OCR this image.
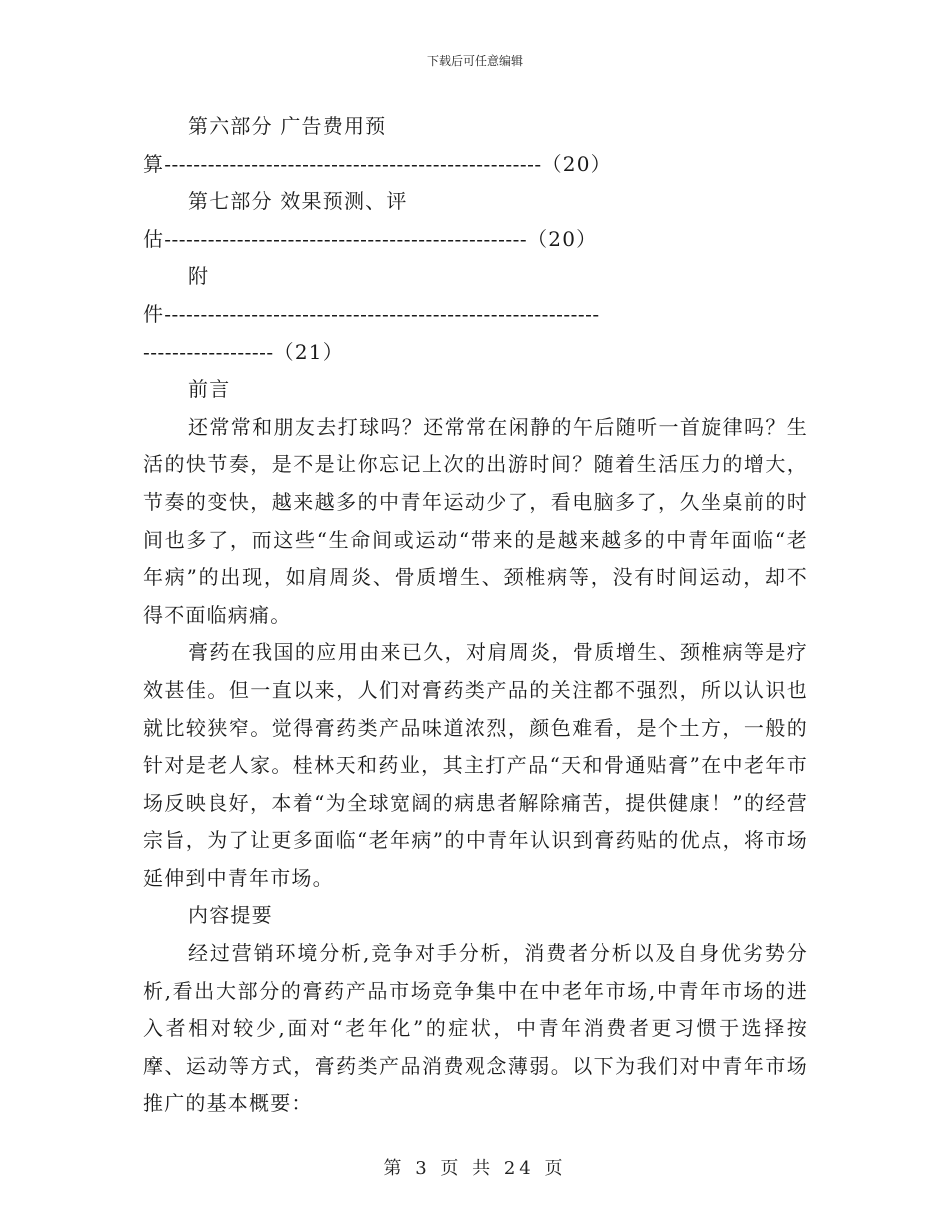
下载后可任意编辑

第六部分 广告费用预

算----------------------------------------------------（20）

第七部分 效果预测、评

估--------------------------------------------------（20）

附

件------------------------------------------------------------

------------------（21）

前言

还常常和朋友去打球吗？还常常在闲静的午后随听一首旋律吗？生活的快节奏，是不是让你忘记上次的出游时间？随着生活压力的增大，节奏的变快，越来越多的中青年运动少了，看电脑多了，久坐桌前的时间也多了，而这些“生命间或运动“带来的是越来越多的中青年面临“老年病”的出现，如肩周炎、骨质增生、颈椎病等，没有时间运动，却不得不面临病痛。

膏药在我国的应用由来已久，对肩周炎，骨质增生、颈椎病等是疗效甚佳。但一直以来，人们对膏药类产品的关注都不强烈，所以认识也就比较狭窄。觉得膏药类产品味道浓烈，颜色难看，是个土方，一般的针对是老人家。桂林天和药业，其主打产品“天和骨通贴膏”在中老年市场反映良好，本着“为全球宽阔的病患者解除痛苦，提供健康！”的经营宗旨，为了让更多面临“老年病”的中青年认识到膏药贴的优点，将市场延伸到中青年市场。

内容提要

经过营销环境分析,竞争对手分析，消费者分析以及自身优劣势分析,看出大部分的膏药产品市场竞争集中在中老年市场,中青年市场的进入者相对较少,面对“老年化”的症状，中青年消费者更习惯于选择按摩、运动等方式，膏药类产品消费观念薄弱。以下为我们对中青年市场推广的基本概要：

第 3 页 共 24 页
